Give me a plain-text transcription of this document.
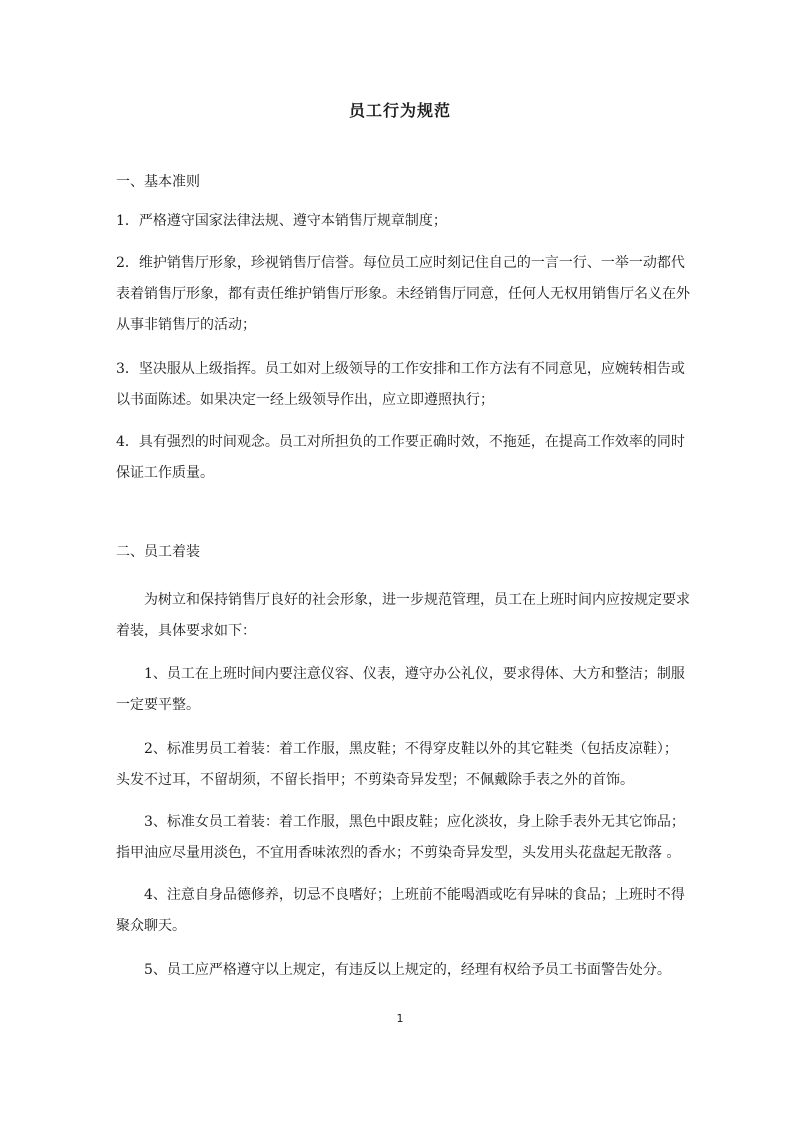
员工行为规范
一、基本准则
1．严格遵守国家法律法规、遵守本销售厅规章制度；
2．维护销售厅形象，珍视销售厅信誉。每位员工应时刻记住自己的一言一行、一举一动都代表着销售厅形象，都有责任维护销售厅形象。未经销售厅同意，任何人无权用销售厅名义在外从事非销售厅的活动；
3．坚决服从上级指挥。员工如对上级领导的工作安排和工作方法有不同意见，应婉转相告或以书面陈述。如果决定一经上级领导作出，应立即遵照执行；
4．具有强烈的时间观念。员工对所担负的工作要正确时效，不拖延，在提高工作效率的同时保证工作质量。
二、员工着装
为树立和保持销售厅良好的社会形象，进一步规范管理，员工在上班时间内应按规定要求着装，具体要求如下：
1、员工在上班时间内要注意仪容、仪表，遵守办公礼仪，要求得体、大方和整洁；制服一定要平整。
2、标准男员工着装：着工作服，黑皮鞋；不得穿皮鞋以外的其它鞋类（包括皮凉鞋）；头发不过耳，不留胡须，不留长指甲；不剪染奇异发型；不佩戴除手表之外的首饰。
3、标准女员工着装：着工作服，黑色中跟皮鞋；应化淡妆，身上除手表外无其它饰品；指甲油应尽量用淡色，不宜用香味浓烈的香水；不剪染奇异发型，头发用头花盘起无散落 。
4、注意自身品德修养，切忌不良嗜好；上班前不能喝酒或吃有异味的食品；上班时不得聚众聊天。
5、员工应严格遵守以上规定，有违反以上规定的，经理有权给予员工书面警告处分。
1
